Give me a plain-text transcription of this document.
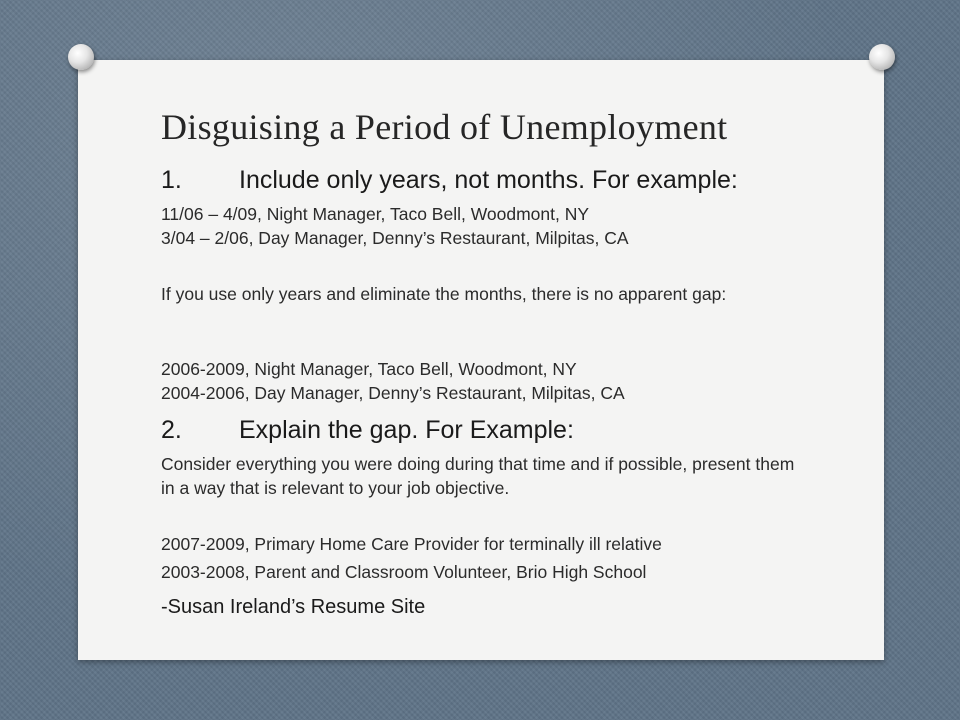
Disguising a Period of Unemployment
1. Include only years, not months. For example:
11/06 – 4/09, Night Manager, Taco Bell, Woodmont, NY
3/04 – 2/06, Day Manager, Denny’s Restaurant, Milpitas, CA
If you use only years and eliminate the months, there is no apparent gap:
2006-2009, Night Manager, Taco Bell, Woodmont, NY
2004-2006, Day Manager, Denny’s Restaurant, Milpitas, CA
2. Explain the gap. For Example:
Consider everything you were doing during that time and if possible, present them in a way that is relevant to your job objective.
2007-2009, Primary Home Care Provider for terminally ill relative
2003-2008, Parent and Classroom Volunteer, Brio High School
-Susan Ireland’s Resume Site
